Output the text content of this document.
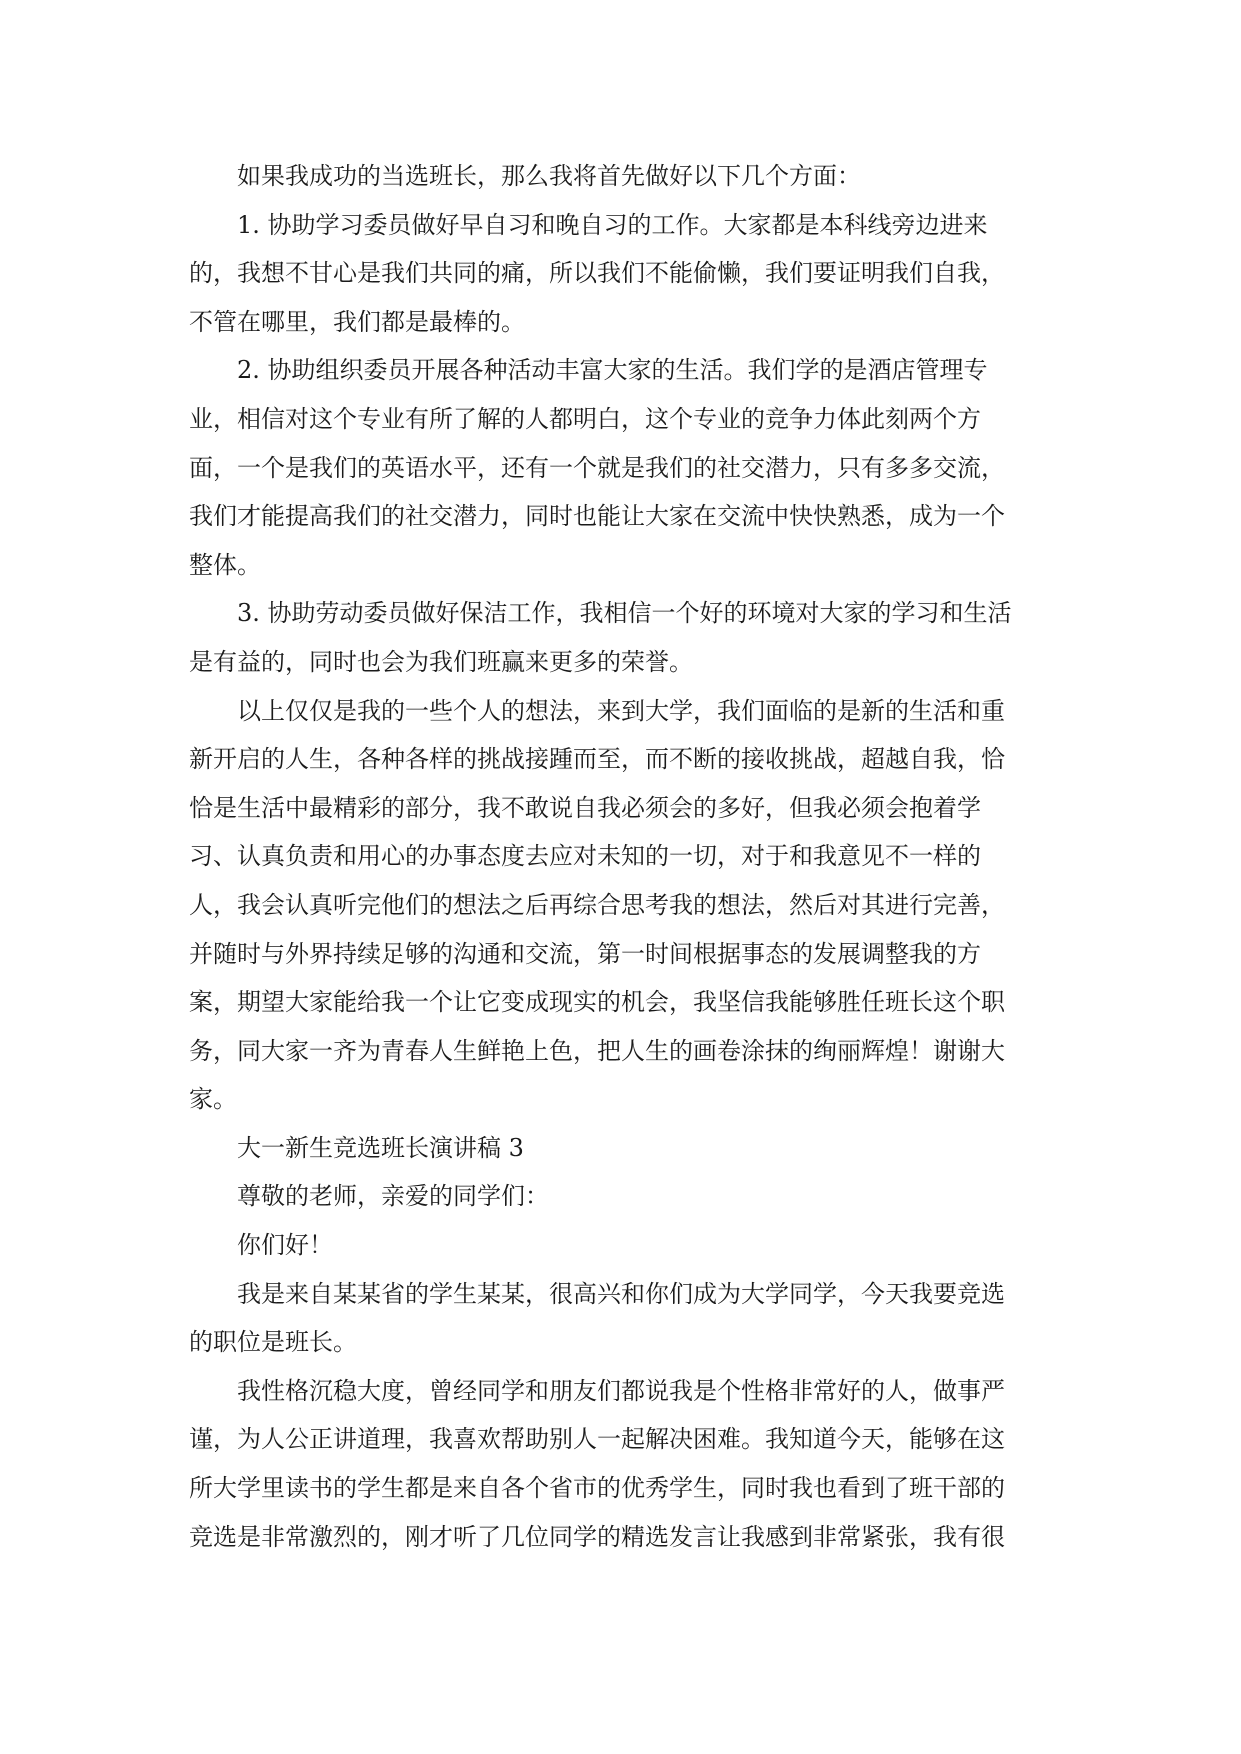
如果我成功的当选班长，那么我将首先做好以下几个方面：

1. 协助学习委员做好早自习和晚自习的工作。大家都是本科线旁边进来
的，我想不甘心是我们共同的痛，所以我们不能偷懒，我们要证明我们自我，
不管在哪里，我们都是最棒的。

2. 协助组织委员开展各种活动丰富大家的生活。我们学的是酒店管理专
业，相信对这个专业有所了解的人都明白，这个专业的竞争力体此刻两个方
面，一个是我们的英语水平，还有一个就是我们的社交潜力，只有多多交流，
我们才能提高我们的社交潜力，同时也能让大家在交流中快快熟悉，成为一个
整体。

3. 协助劳动委员做好保洁工作，我相信一个好的环境对大家的学习和生活
是有益的，同时也会为我们班赢来更多的荣誉。

以上仅仅是我的一些个人的想法，来到大学，我们面临的是新的生活和重
新开启的人生，各种各样的挑战接踵而至，而不断的接收挑战，超越自我，恰
恰是生活中最精彩的部分，我不敢说自我必须会的多好，但我必须会抱着学
习、认真负责和用心的办事态度去应对未知的一切，对于和我意见不一样的
人，我会认真听完他们的想法之后再综合思考我的想法，然后对其进行完善，
并随时与外界持续足够的沟通和交流，第一时间根据事态的发展调整我的方
案，期望大家能给我一个让它变成现实的机会，我坚信我能够胜任班长这个职
务，同大家一齐为青春人生鲜艳上色，把人生的画卷涂抹的绚丽辉煌！谢谢大
家。

大一新生竞选班长演讲稿 3

尊敬的老师，亲爱的同学们：

你们好！

我是来自某某省的学生某某，很高兴和你们成为大学同学，今天我要竞选
的职位是班长。

我性格沉稳大度，曾经同学和朋友们都说我是个性格非常好的人，做事严
谨，为人公正讲道理，我喜欢帮助别人一起解决困难。我知道今天，能够在这
所大学里读书的学生都是来自各个省市的优秀学生，同时我也看到了班干部的
竞选是非常激烈的，刚才听了几位同学的精选发言让我感到非常紧张，我有很
